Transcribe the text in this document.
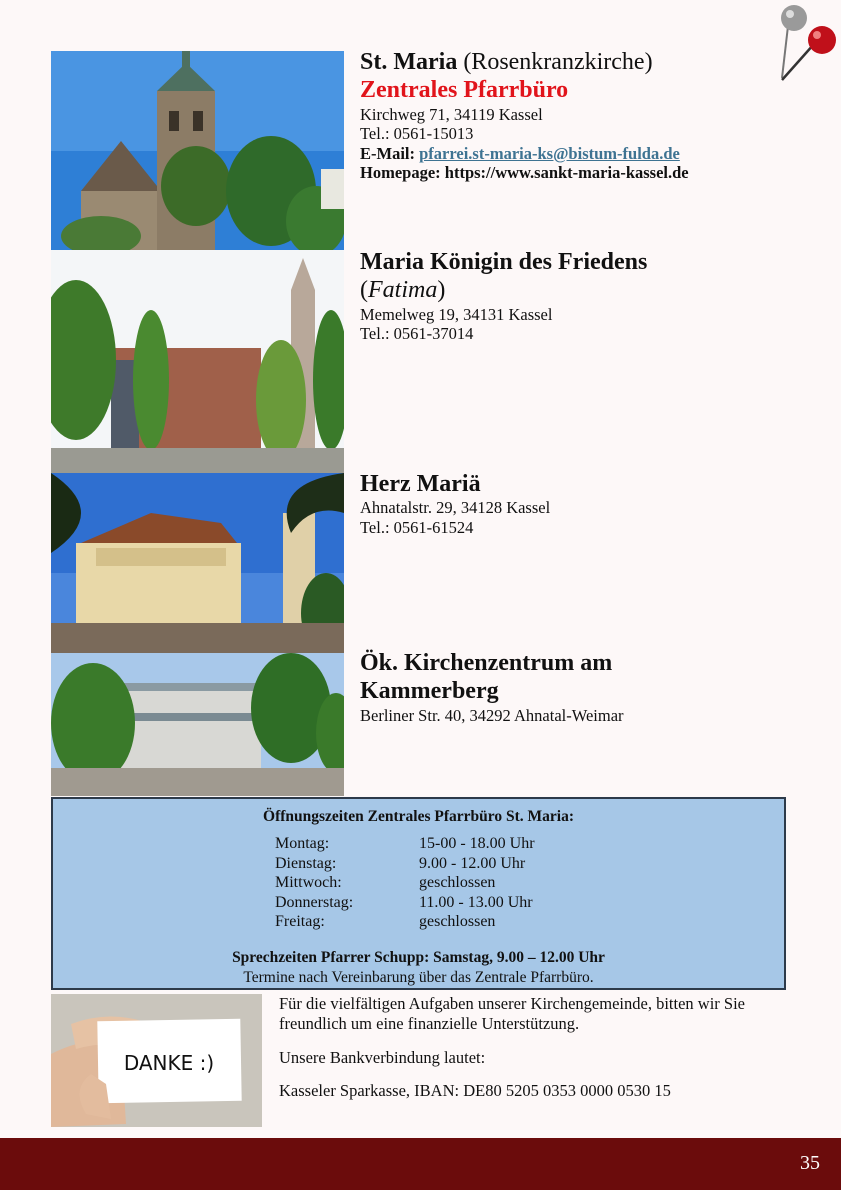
St. Maria (Rosenkranzkirche)
Zentrales Pfarrbüro
Kirchweg 71, 34119 Kassel
Tel.: 0561-15013
E-Mail: pfarrei.st-maria-ks@bistum-fulda.de
Homepage: https://www.sankt-maria-kassel.de
Maria Königin des Friedens
(Fatima)
Memelweg 19, 34131 Kassel
Tel.: 0561-37014
Herz Mariä
Ahnatalstr. 29, 34128 Kassel
Tel.: 0561-61524
Ök. Kirchenzentrum am
Kammerberg
Berliner Str. 40, 34292 Ahnatal-Weimar
Öffnungszeiten Zentrales Pfarrbüro St. Maria:
Montag:	15-00 - 18.00 Uhr
Dienstag:	9.00 - 12.00 Uhr
Mittwoch:	geschlossen
Donnerstag:	11.00 - 13.00 Uhr
Freitag:	geschlossen
Sprechzeiten Pfarrer Schupp: Samstag, 9.00 – 12.00 Uhr
Termine nach Vereinbarung über das Zentrale Pfarrbüro.
DANKE :)

Für die vielfältigen Aufgaben unserer Kirchengemeinde, bitten wir Sie freundlich um eine finanzielle Unterstützung.

Unsere Bankverbindung lautet:

Kasseler Sparkasse, IBAN: DE80 5205 0353 0000 0530 15

35
